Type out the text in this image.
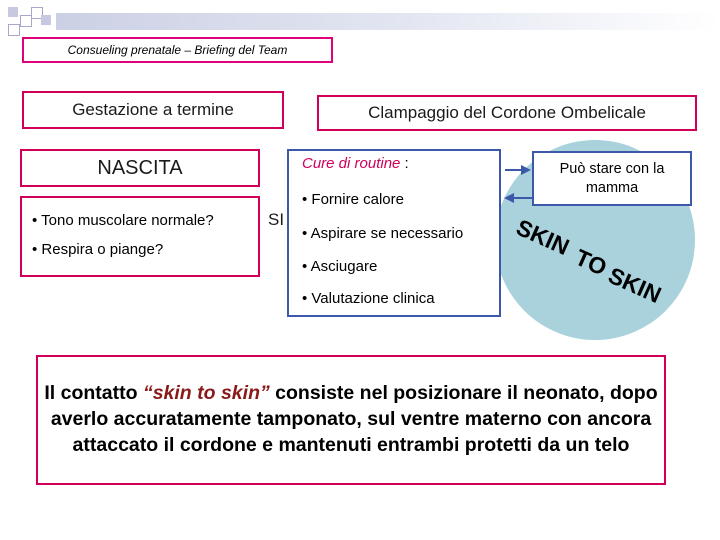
Consueling prenatale – Briefing del Team
Gestazione a termine	Clampaggio del Cordone Ombelicale
NASCITA
• Tono muscolare normale?
• Respira o piange?
SI
Cure di routine :
• Fornire calore
• Aspirare se necessario
• Asciugare
• Valutazione clinica
Può stare con la mamma
SKIN
TO
SKIN
Il contatto “skin to skin” consiste nel posizionare il neonato, dopo averlo accuratamente tamponato, sul ventre materno con ancora attaccato il cordone e mantenuti entrambi protetti da un telo
